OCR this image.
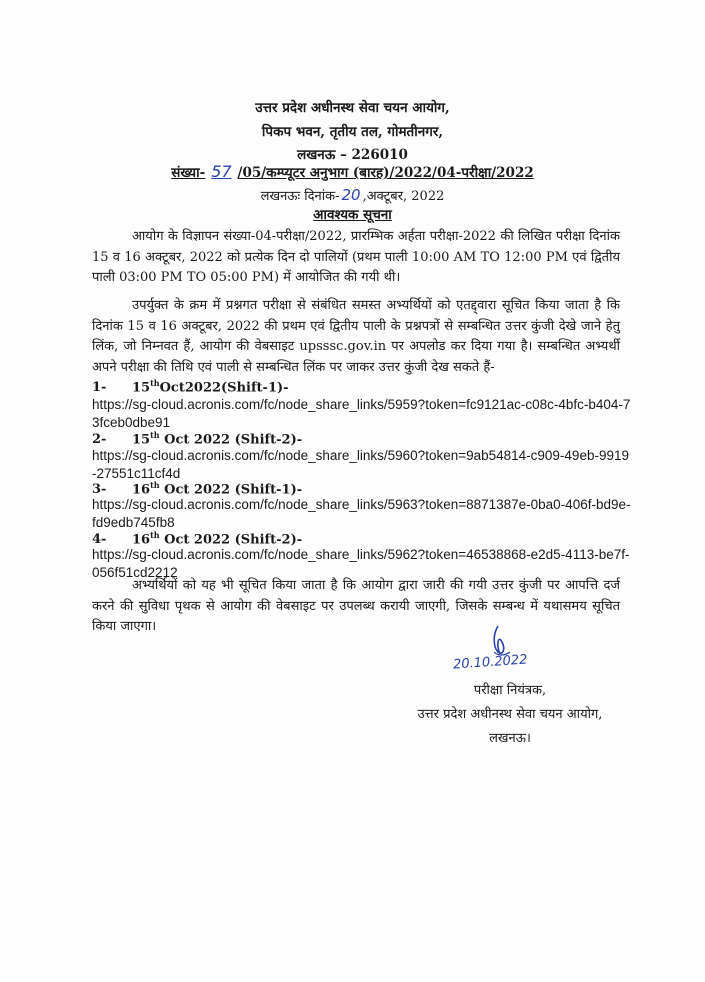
उत्तर प्रदेश अधीनस्थ सेवा चयन आयोग,
पिकप भवन, तृतीय तल, गोमतीनगर,
लखनऊ – 226010
संख्या- 57 /05/कम्प्यूटर अनुभाग (बारह)/2022/04-परीक्षा/2022
लखनऊः दिनांक- 20 ,अक्टूबर, 2022
आवश्यक सूचना
आयोग के विज्ञापन संख्या-04-परीक्षा/2022, प्रारम्भिक अर्हता परीक्षा-2022 की लिखित परीक्षा दिनांक 15 व 16 अक्टूबर, 2022 को प्रत्येक दिन दो पालियों (प्रथम पाली 10:00 AM TO 12:00 PM एवं द्वितीय पाली 03:00 PM TO 05:00 PM) में आयोजित की गयी थी।
उपर्युक्त के क्रम में प्रश्नगत परीक्षा से संबंधित समस्त अभ्यर्थियों को एतद्द्वारा सूचित किया जाता है कि दिनांक 15 व 16 अक्टूबर, 2022 की प्रथम एवं द्वितीय पाली के प्रश्नपत्रों से सम्बन्धित उत्तर कुंजी देखे जाने हेतु लिंक, जो निम्नवत हैं, आयोग की वेबसाइट upsssc.gov.in पर अपलोड कर दिया गया है। सम्बन्धित अभ्यर्थी अपने परीक्षा की तिथि एवं पाली से सम्बन्धित लिंक पर जाकर उत्तर कुंजी देख सकते हैं-
1- 15thOct2022(Shift-1)-
https://sg-cloud.acronis.com/fc/node_share_links/5959?token=fc9121ac-c08c-4bfc-b404-73fceb0dbe91
2- 15th Oct 2022 (Shift-2)-
https://sg-cloud.acronis.com/fc/node_share_links/5960?token=9ab54814-c909-49eb-9919-27551c11cf4d
3- 16th Oct 2022 (Shift-1)-
https://sg-cloud.acronis.com/fc/node_share_links/5963?token=8871387e-0ba0-406f-bd9e-fd9edb745fb8
4- 16th Oct 2022 (Shift-2)-
https://sg-cloud.acronis.com/fc/node_share_links/5962?token=46538868-e2d5-4113-be7f-056f51cd2212
अभ्यर्थियों को यह भी सूचित किया जाता है कि आयोग द्वारा जारी की गयी उत्तर कुंजी पर आपत्ति दर्ज करने की सुविधा पृथक से आयोग की वेबसाइट पर उपलब्ध करायी जाएगी, जिसके सम्बन्ध में यथासमय सूचित किया जाएगा।
20.10.2022
परीक्षा नियंत्रक,
उत्तर प्रदेश अधीनस्थ सेवा चयन आयोग,
लखनऊ।
